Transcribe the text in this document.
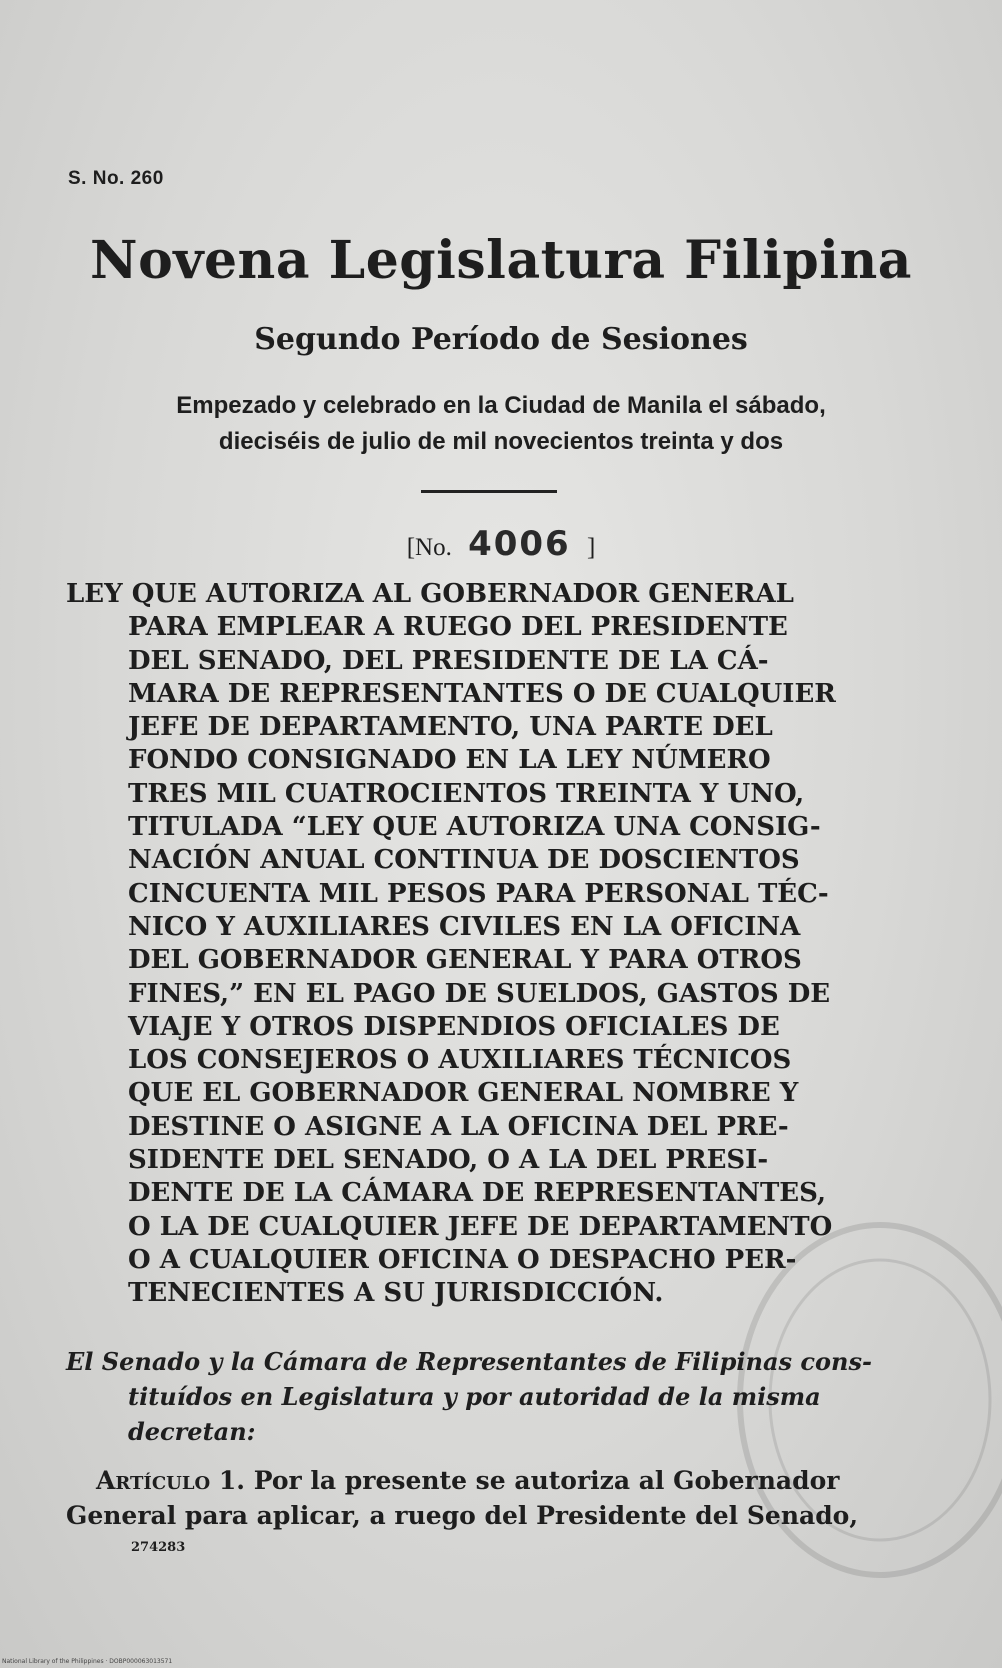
S. No. 260
Novena Legislatura Filipina
Segundo Período de Sesiones
Empezado y celebrado en la Ciudad de Manila el sábado,
dieciséis de julio de mil novecientos treinta y dos
[No. 4006 ]
LEY QUE AUTORIZA AL GOBERNADOR GENERAL
PARA EMPLEAR A RUEGO DEL PRESIDENTE
DEL SENADO, DEL PRESIDENTE DE LA CÁ-
MARA DE REPRESENTANTES O DE CUALQUIER
JEFE DE DEPARTAMENTO, UNA PARTE DEL
FONDO CONSIGNADO EN LA LEY NÚMERO
TRES MIL CUATROCIENTOS TREINTA Y UNO,
TITULADA “LEY QUE AUTORIZA UNA CONSIG-
NACIÓN ANUAL CONTINUA DE DOSCIENTOS
CINCUENTA MIL PESOS PARA PERSONAL TÉC-
NICO Y AUXILIARES CIVILES EN LA OFICINA
DEL GOBERNADOR GENERAL Y PARA OTROS
FINES,” EN EL PAGO DE SUELDOS, GASTOS DE
VIAJE Y OTROS DISPENDIOS OFICIALES DE
LOS CONSEJEROS O AUXILIARES TÉCNICOS
QUE EL GOBERNADOR GENERAL NOMBRE Y
DESTINE O ASIGNE A LA OFICINA DEL PRE-
SIDENTE DEL SENADO, O A LA DEL PRESI-
DENTE DE LA CÁMARA DE REPRESENTANTES,
O LA DE CUALQUIER JEFE DE DEPARTAMENTO
O A CUALQUIER OFICINA O DESPACHO PER-
TENECIENTES A SU JURISDICCIÓN.
El Senado y la Cámara de Representantes de Filipinas cons-
tituídos en Legislatura y por autoridad de la misma
decretan:
Artículo 1. Por la presente se autoriza al Gobernador
General para aplicar, a ruego del Presidente del Senado,
274283
National Library of the Philippines · DOBP000063013571
